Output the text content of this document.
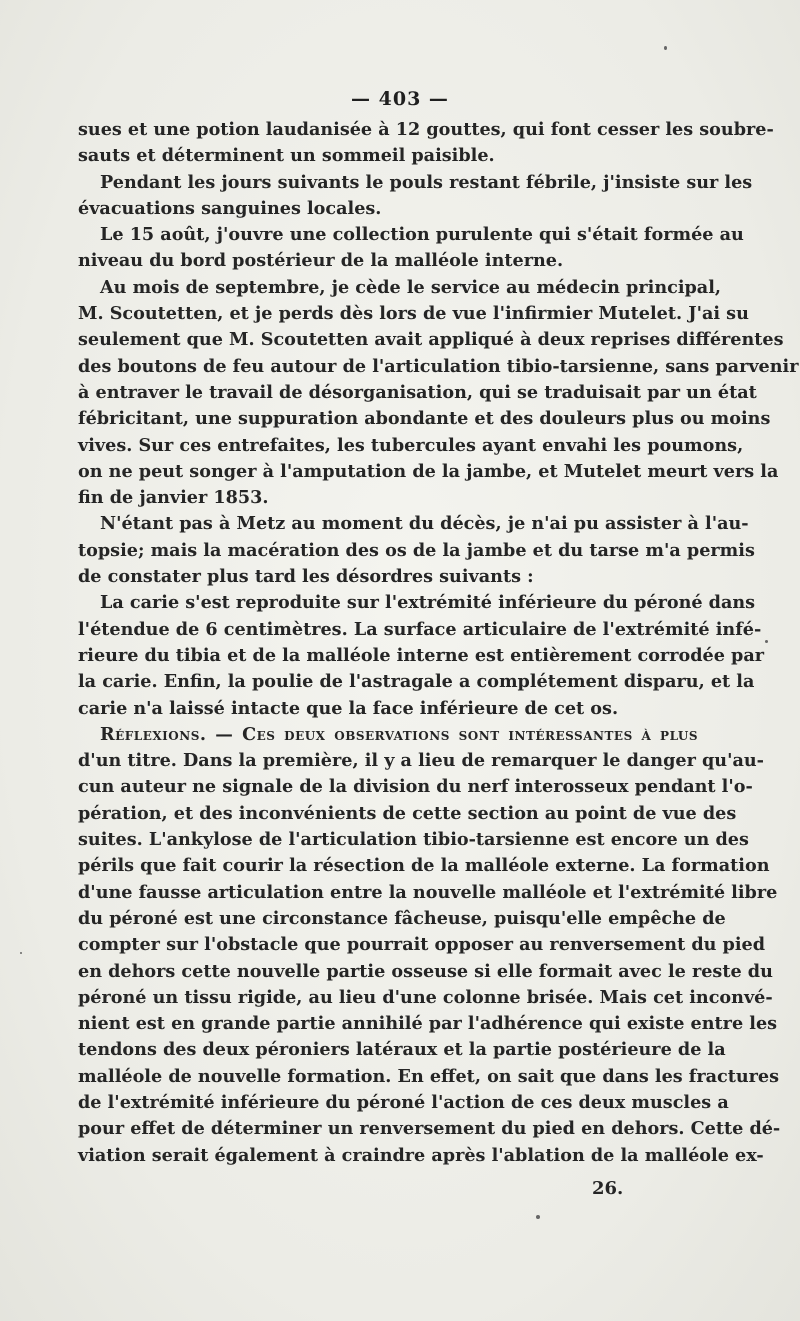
— 403 —
sues et une potion laudanisée à 12 gouttes, qui font cesser les soubre-
sauts et déterminent un sommeil paisible.
Pendant les jours suivants le pouls restant fébrile, j'insiste sur les
évacuations sanguines locales.
Le 15 août, j'ouvre une collection purulente qui s'était formée au
niveau du bord postérieur de la malléole interne.
Au mois de septembre, je cède le service au médecin principal,
M. Scoutetten, et je perds dès lors de vue l'infirmier Mutelet. J'ai su
seulement que M. Scoutetten avait appliqué à deux reprises différentes
des boutons de feu autour de l'articulation tibio-tarsienne, sans parvenir
à entraver le travail de désorganisation, qui se traduisait par un état
fébricitant, une suppuration abondante et des douleurs plus ou moins
vives. Sur ces entrefaites, les tubercules ayant envahi les poumons,
on ne peut songer à l'amputation de la jambe, et Mutelet meurt vers la
fin de janvier 1853.
N'étant pas à Metz au moment du décès, je n'ai pu assister à l'au-
topsie; mais la macération des os de la jambe et du tarse m'a permis
de constater plus tard les désordres suivants :
La carie s'est reproduite sur l'extrémité inférieure du péroné dans
l'étendue de 6 centimètres. La surface articulaire de l'extrémité infé-
rieure du tibia et de la malléole interne est entièrement corrodée par
la carie. Enfin, la poulie de l'astragale a complétement disparu, et la
carie n'a laissé intacte que la face inférieure de cet os.
Réflexions. — Ces deux observations sont intéressantes à plus
d'un titre. Dans la première, il y a lieu de remarquer le danger qu'au-
cun auteur ne signale de la division du nerf interosseux pendant l'o-
pération, et des inconvénients de cette section au point de vue des
suites. L'ankylose de l'articulation tibio-tarsienne est encore un des
périls que fait courir la résection de la malléole externe. La formation
d'une fausse articulation entre la nouvelle malléole et l'extrémité libre
du péroné est une circonstance fâcheuse, puisqu'elle empêche de
compter sur l'obstacle que pourrait opposer au renversement du pied
en dehors cette nouvelle partie osseuse si elle formait avec le reste du
péroné un tissu rigide, au lieu d'une colonne brisée. Mais cet inconvé-
nient est en grande partie annihilé par l'adhérence qui existe entre les
tendons des deux péroniers latéraux et la partie postérieure de la
malléole de nouvelle formation. En effet, on sait que dans les fractures
de l'extrémité inférieure du péroné l'action de ces deux muscles a
pour effet de déterminer un renversement du pied en dehors. Cette dé-
viation serait également à craindre après l'ablation de la malléole ex-
26.
